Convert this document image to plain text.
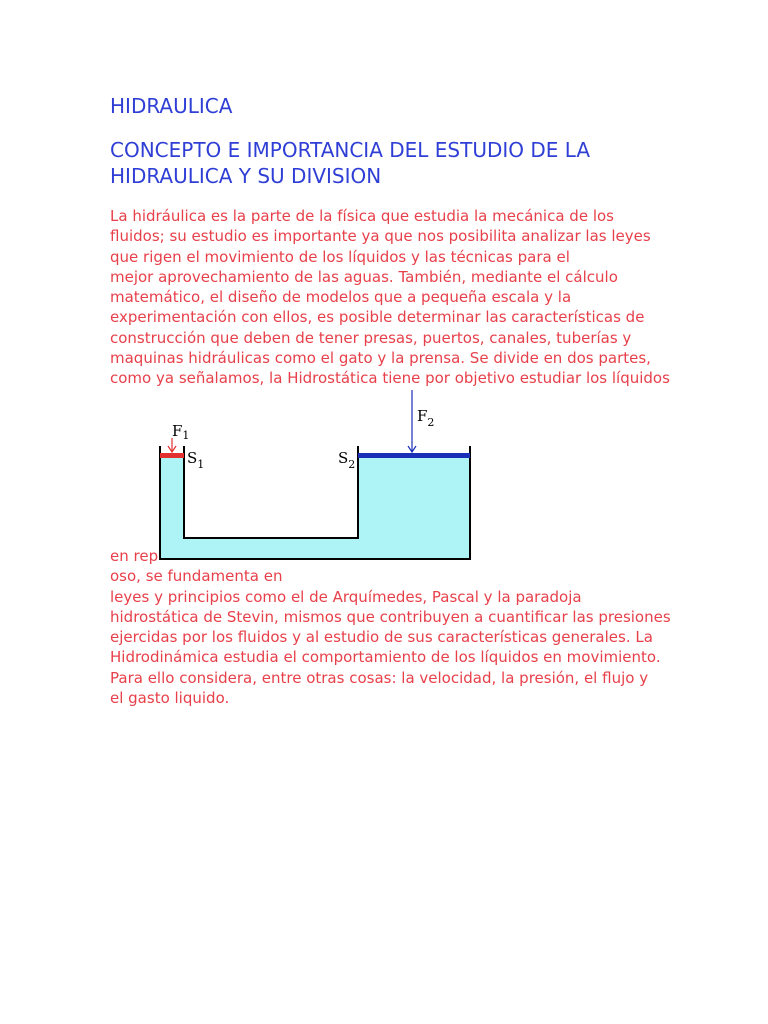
HIDRAULICA
CONCEPTO E IMPORTANCIA DEL ESTUDIO DE LA HIDRAULICA Y SU DIVISION
La hidráulica es la parte de la física que estudia la mecánica de los
fluidos; su estudio es importante ya que nos posibilita analizar las leyes
que rigen el movimiento de los líquidos y las técnicas para el
mejor aprovechamiento de las aguas. También, mediante el cálculo
matemático, el diseño de modelos que a pequeña escala y la
experimentación con ellos, es posible determinar las características de
construcción que deben de tener presas, puertos, canales, tuberías y
maquinas hidráulicas como el gato y la prensa. Se divide en dos partes,
como ya señalamos, la Hidrostática tiene por objetivo estudiar los líquidos
$F_1$
$F_2$
$S_1$	$S_2$
en rep
oso, se fundamenta en
leyes y principios como el de Arquímedes, Pascal y la paradoja
hidrostática de Stevin, mismos que contribuyen a cuantificar las presiones
ejercidas por los fluidos y al estudio de sus características generales. La
Hidrodinámica estudia el comportamiento de los líquidos en movimiento.
Para ello considera, entre otras cosas: la velocidad, la presión, el flujo y
el gasto liquido.
